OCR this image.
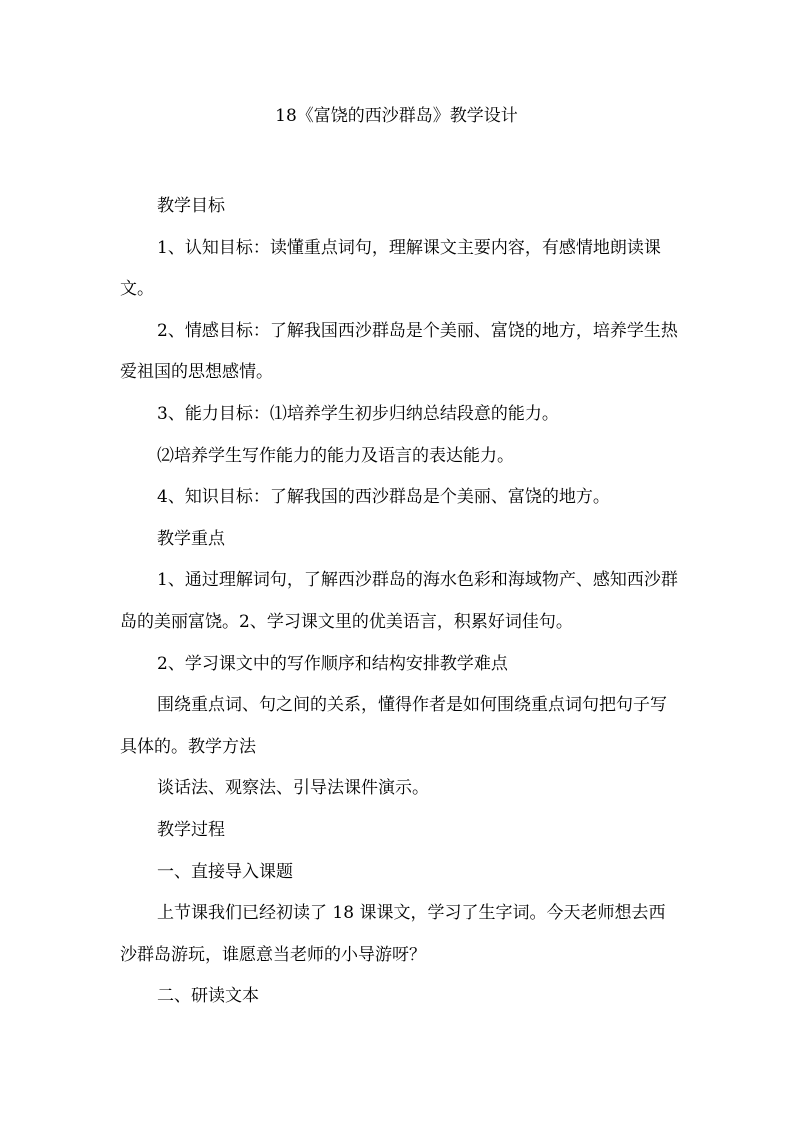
18《富饶的西沙群岛》教学设计

教学目标

1、认知目标：读懂重点词句，理解课文主要内容，有感情地朗读课文。

2、情感目标：了解我国西沙群岛是个美丽、富饶的地方，培养学生热爱祖国的思想感情。

3、能力目标：⑴培养学生初步归纳总结段意的能力。

⑵培养学生写作能力的能力及语言的表达能力。

4、知识目标：了解我国的西沙群岛是个美丽、富饶的地方。

教学重点

1、通过理解词句，了解西沙群岛的海水色彩和海域物产、感知西沙群岛的美丽富饶。2、学习课文里的优美语言，积累好词佳句。

2、学习课文中的写作顺序和结构安排教学难点

围绕重点词、句之间的关系，懂得作者是如何围绕重点词句把句子写具体的。教学方法

谈话法、观察法、引导法课件演示。

教学过程

一、直接导入课题

上节课我们已经初读了 18 课课文，学习了生字词。今天老师想去西沙群岛游玩，谁愿意当老师的小导游呀？

二、研读文本
